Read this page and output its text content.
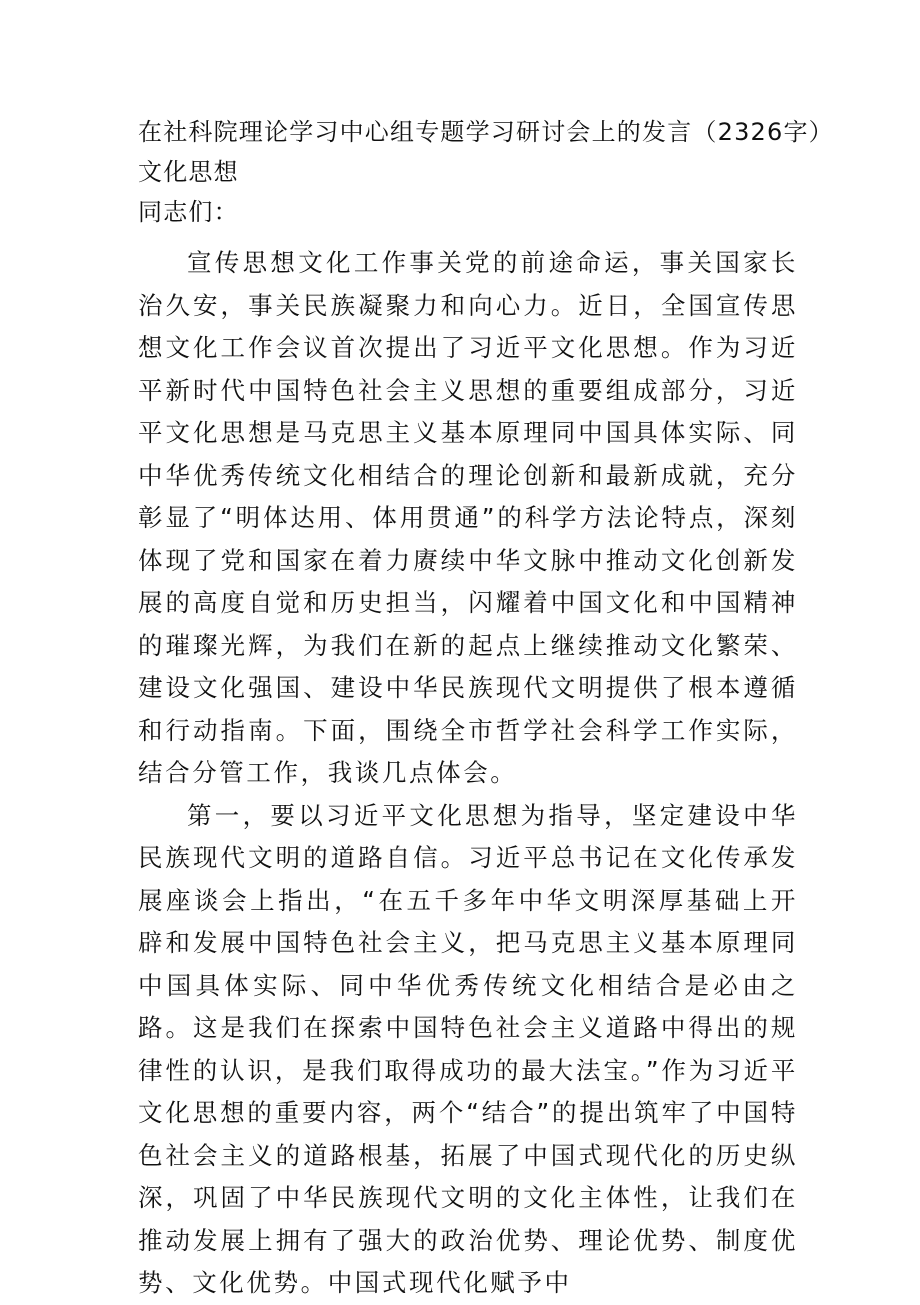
在社科院理论学习中心组专题学习研讨会上的发言（2326字）
文化思想
同志们：

宣传思想文化工作事关党的前途命运，事关国家长治久安，事关民族凝聚力和向心力。近日，全国宣传思想文化工作会议首次提出了习近平文化思想。作为习近平新时代中国特色社会主义思想的重要组成部分，习近平文化思想是马克思主义基本原理同中国具体实际、同中华优秀传统文化相结合的理论创新和最新成就，充分彰显了“明体达用、体用贯通”的科学方法论特点，深刻体现了党和国家在着力赓续中华文脉中推动文化创新发展的高度自觉和历史担当，闪耀着中国文化和中国精神的璀璨光辉，为我们在新的起点上继续推动文化繁荣、建设文化强国、建设中华民族现代文明提供了根本遵循和行动指南。下面，围绕全市哲学社会科学工作实际，结合分管工作，我谈几点体会。

第一，要以习近平文化思想为指导，坚定建设中华民族现代文明的道路自信。习近平总书记在文化传承发展座谈会上指出，“在五千多年中华文明深厚基础上开辟和发展中国特色社会主义，把马克思主义基本原理同中国具体实际、同中华优秀传统文化相结合是必由之路。这是我们在探索中国特色社会主义道路中得出的规律性的认识，是我们取得成功的最大法宝。”作为习近平文化思想的重要内容，两个“结合”的提出筑牢了中国特色社会主义的道路根基，拓展了中国式现代化的历史纵深，巩固了中华民族现代文明的文化主体性，让我们在推动发展上拥有了强大的政治优势、理论优势、制度优势、文化优势。中国式现代化赋予中
